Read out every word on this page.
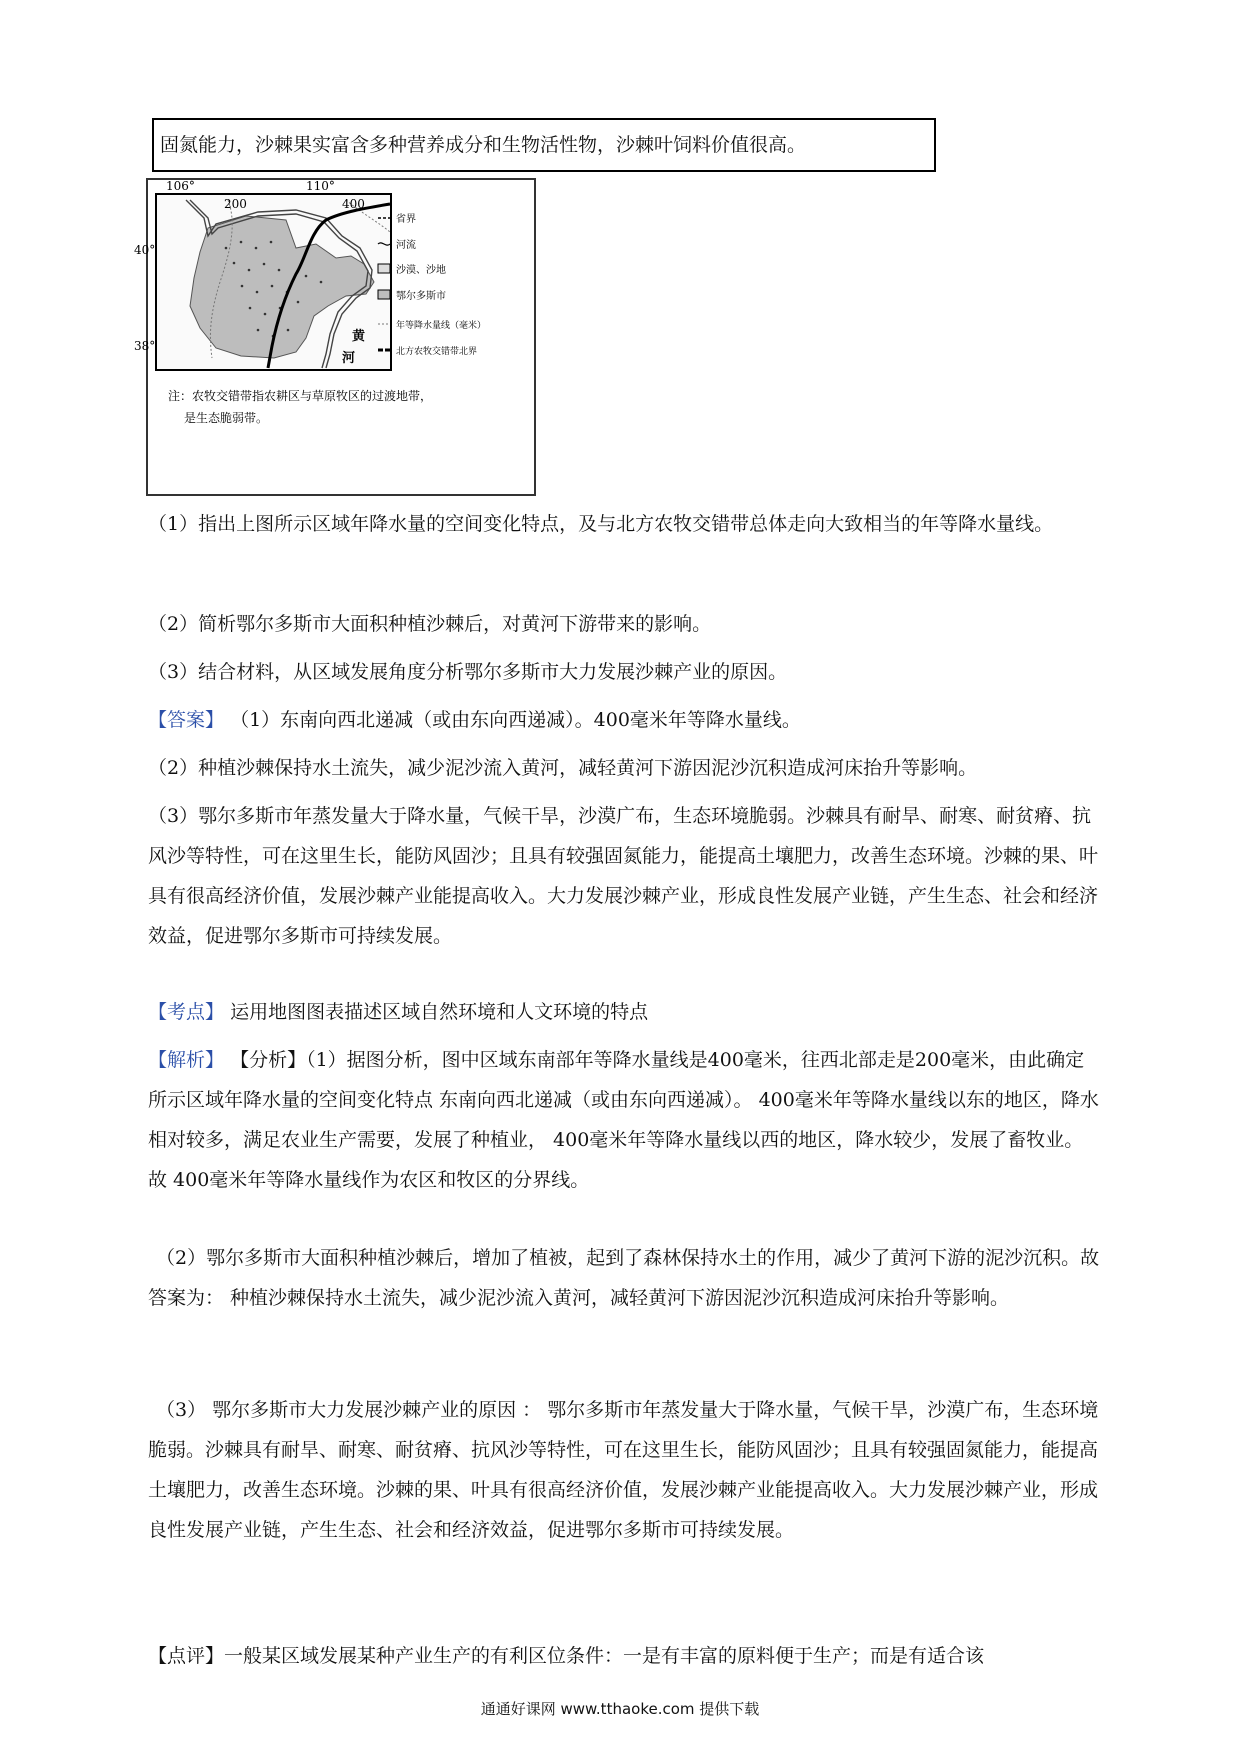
固氮能力，沙棘果实富含多种营养成分和生物活性物，沙棘叶饲料价值很高。
106°	110°
200	400
40°
38°
黄
河
省界
河流
沙漠、沙地
鄂尔多斯市
年等降水量线（毫米）
北方农牧交错带北界
注：农牧交错带指农耕区与草原牧区的过渡地带，
是生态脆弱带。

（1）指出上图所示区域年降水量的空间变化特点，及与北方农牧交错带总体走向大致相当的年等降水量线。

（2）简析鄂尔多斯市大面积种植沙棘后，对黄河下游带来的影响。

（3）结合材料，从区域发展角度分析鄂尔多斯市大力发展沙棘产业的原因。

【答案】 （1）东南向西北递减（或由东向西递减）。400毫米年等降水量线。

（2）种植沙棘保持水土流失，减少泥沙流入黄河，减轻黄河下游因泥沙沉积造成河床抬升等影响。

（3）鄂尔多斯市年蒸发量大于降水量，气候干旱，沙漠广布，生态环境脆弱。沙棘具有耐旱、耐寒、耐贫瘠、抗风沙等特性，可在这里生长，能防风固沙；且具有较强固氮能力，能提高土壤肥力，改善生态环境。沙棘的果、叶具有很高经济价值，发展沙棘产业能提高收入。大力发展沙棘产业，形成良性发展产业链，产生生态、社会和经济效益，促进鄂尔多斯市可持续发展。

【考点】 运用地图图表描述区域自然环境和人文环境的特点

【解析】 【分析】（1）据图分析，图中区域东南部年等降水量线是400毫米，往西北部走是200毫米，由此确定 所示区域年降水量的空间变化特点 东南向西北递减（或由东向西递减）。 400毫米年等降水量线以东的地区，降水相对较多，满足农业生产需要，发展了种植业， 400毫米年等降水量线以西的地区，降水较少，发展了畜牧业。故 400毫米年等降水量线作为农区和牧区的分界线。

（2）鄂尔多斯市大面积种植沙棘后，增加了植被，起到了森林保持水土的作用，减少了黄河下游的泥沙沉积。故答案为： 种植沙棘保持水土流失，减少泥沙流入黄河，减轻黄河下游因泥沙沉积造成河床抬升等影响。

（3） 鄂尔多斯市大力发展沙棘产业的原因 ： 鄂尔多斯市年蒸发量大于降水量，气候干旱，沙漠广布，生态环境脆弱。沙棘具有耐旱、耐寒、耐贫瘠、抗风沙等特性，可在这里生长，能防风固沙；且具有较强固氮能力，能提高土壤肥力，改善生态环境。沙棘的果、叶具有很高经济价值，发展沙棘产业能提高收入。大力发展沙棘产业，形成良性发展产业链，产生生态、社会和经济效益，促进鄂尔多斯市可持续发展。

【点评】一般某区域发展某种产业生产的有利区位条件：一是有丰富的原料便于生产；而是有适合该

通通好课网 www.tthaoke.com 提供下载
